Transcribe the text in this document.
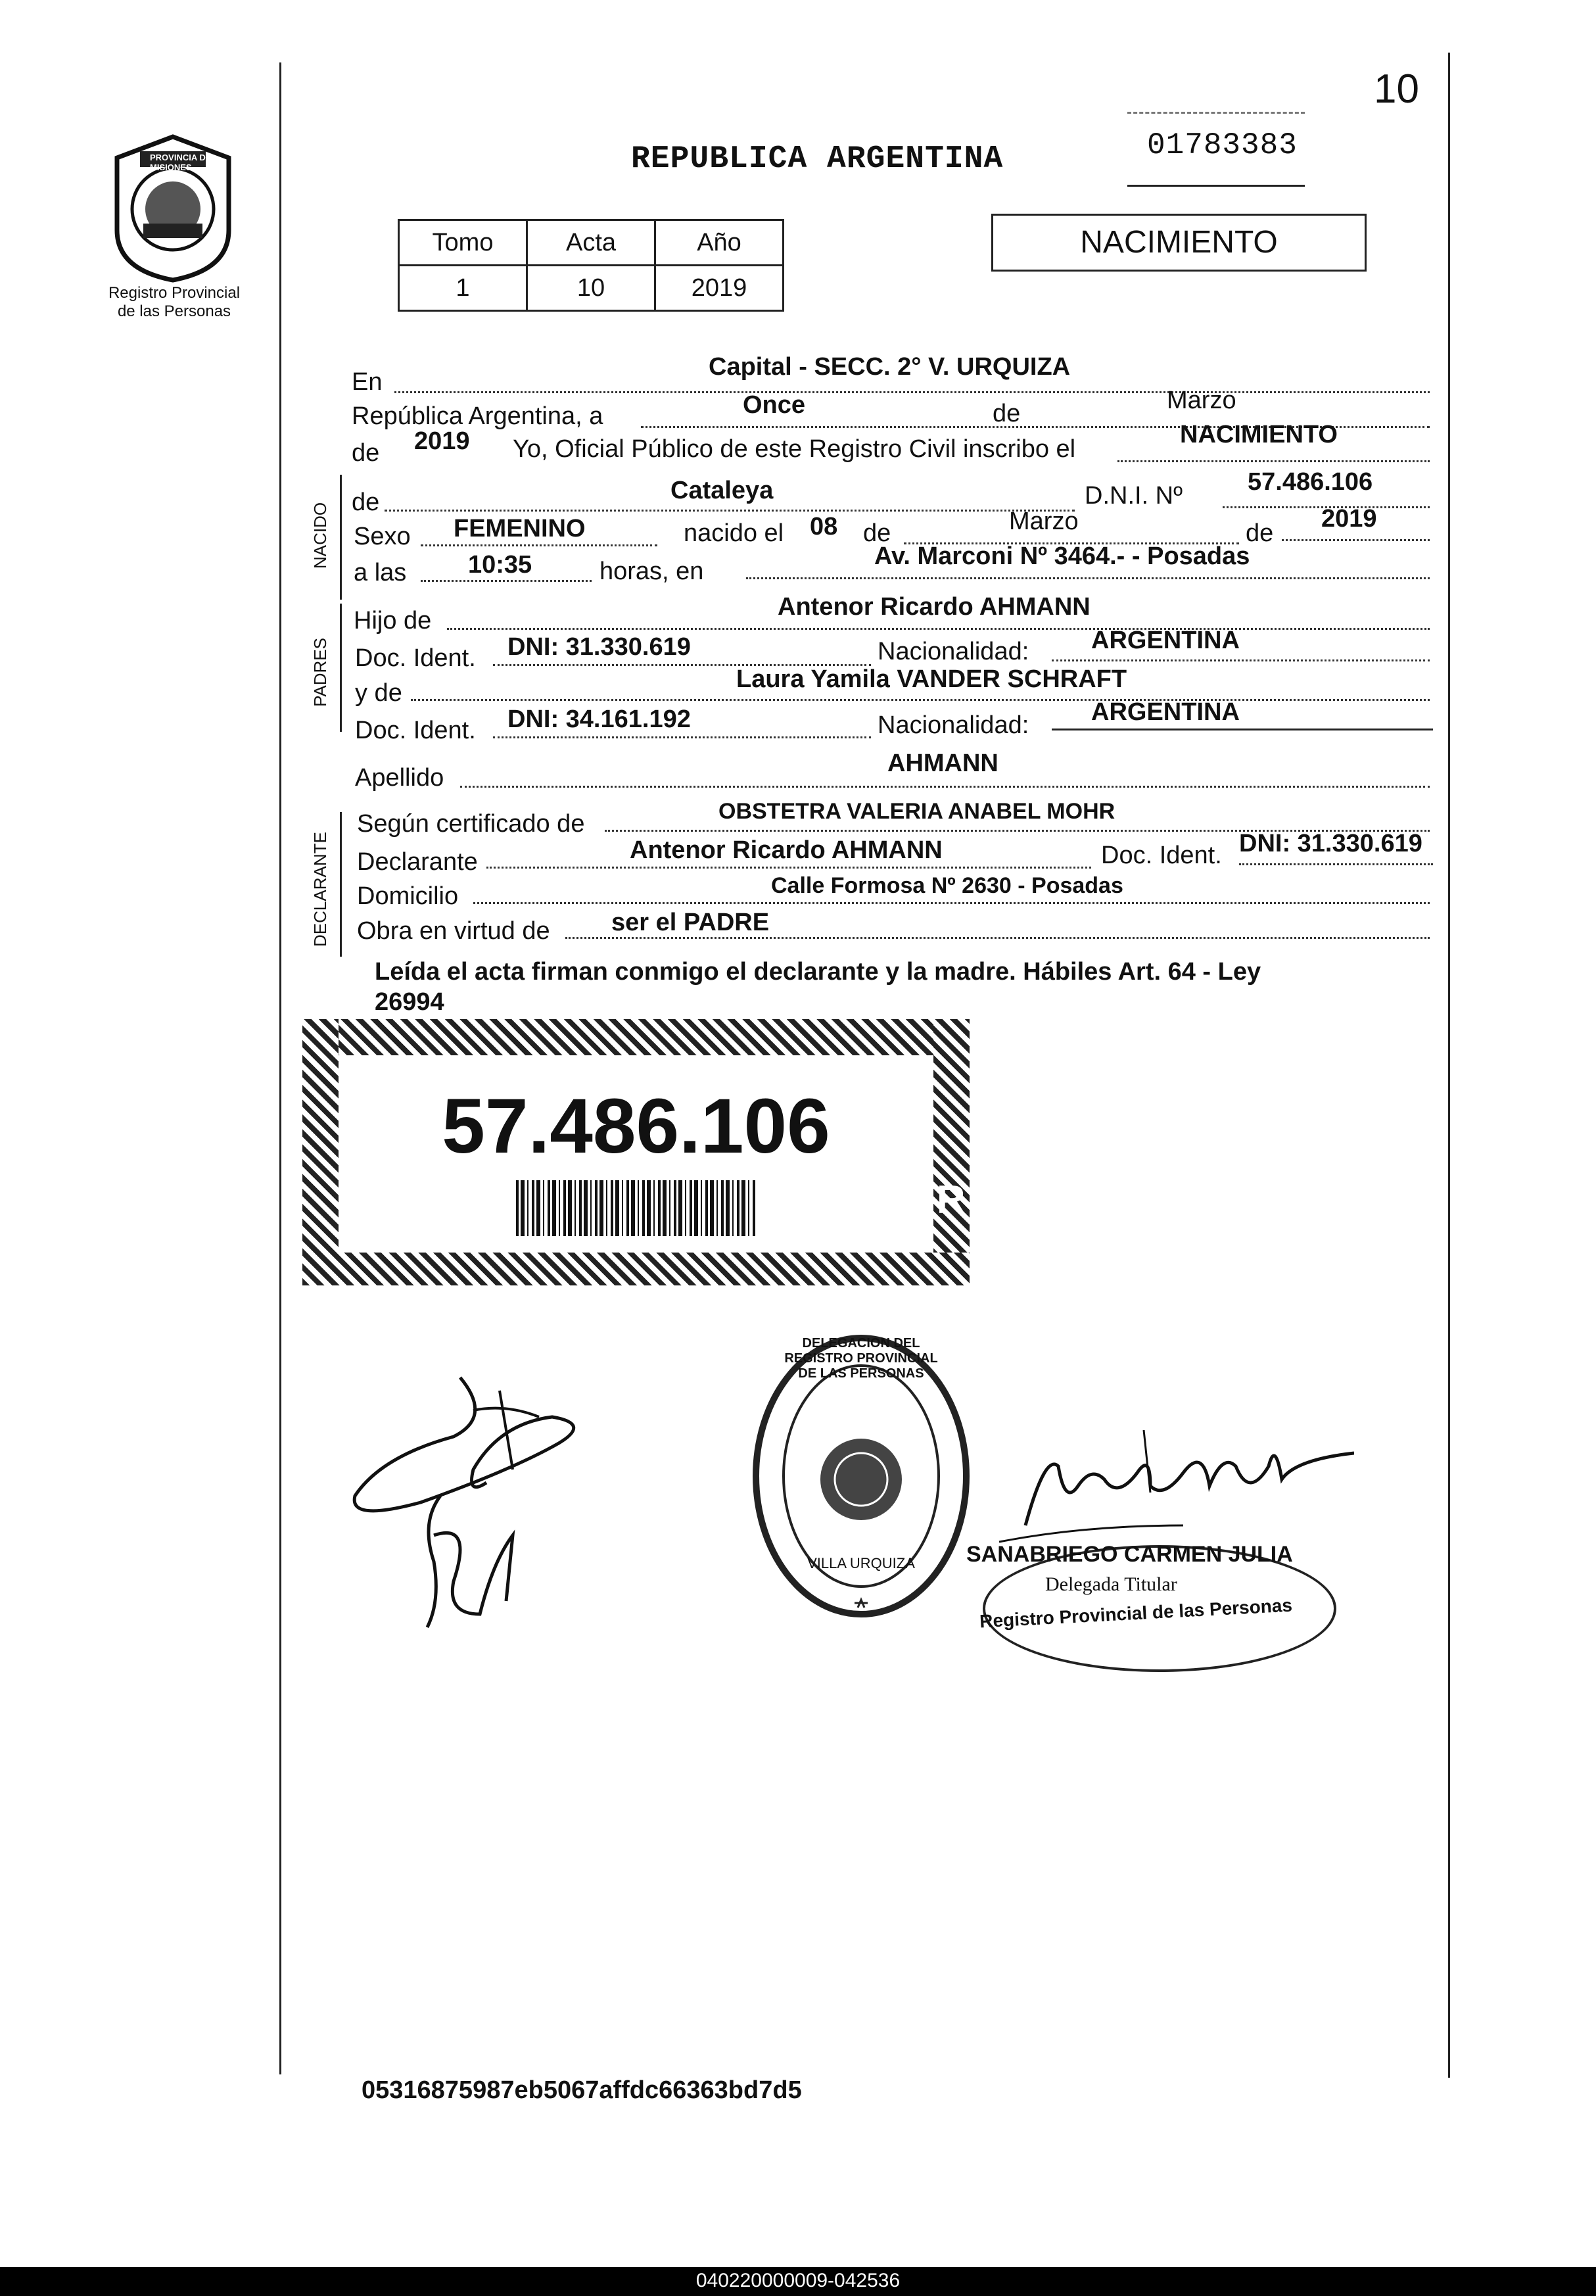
10
PROVINCIA DE MISIONES
Registro Provincial
de las Personas
REPUBLICA ARGENTINA	01783383
Tomo	Acta	Año
1	10	2019
NACIMIENTO
En
Capital - SECC. 2° V. URQUIZA
República Argentina, a	Once	de	Marzo
de 2019 Yo, Oficial Público de este Registro Civil inscribo el
NACIMIENTO
NACIDO de	Cataleya	D.N.I. Nº	57.486.106
Sexo FEMENINO	nacido el 08 de	Marzo	de
2019
a las 10:35	horas, en
Av. Marconi Nº 3464.- - Posadas
PADRES
Hijo de	Antenor Ricardo AHMANN
Doc. Ident. DNI: 31.330.619	Nacionalidad: ARGENTINA
y de	Laura Yamila VANDER SCHRAFT
Doc. Ident. DNI: 34.161.192	Nacionalidad: ARGENTINA
Apellido
AHMANN
DECLARANTE
Según certificado de	OBSTETRA VALERIA ANABEL MOHR
Declarante	Antenor Ricardo AHMANN	Doc. Ident. DNI: 31.330.619
Domicilio	Calle Formosa Nº 2630 - Posadas
Obra en virtud de ser el PADRE
Leída el acta firman conmigo el declarante y la madre. Hábiles Art. 64 - Ley
26994
57.486.106
R
DELEGACION DEL REGISTRO PROVINCIAL DE LAS PERSONAS
VILLA URQUIZA SANABRIEGO CARMEN JULIA
Delegada Titular
Registro Provincial de las Personas
05316875987eb5067affdc66363bd7d5
040220000009-042536
